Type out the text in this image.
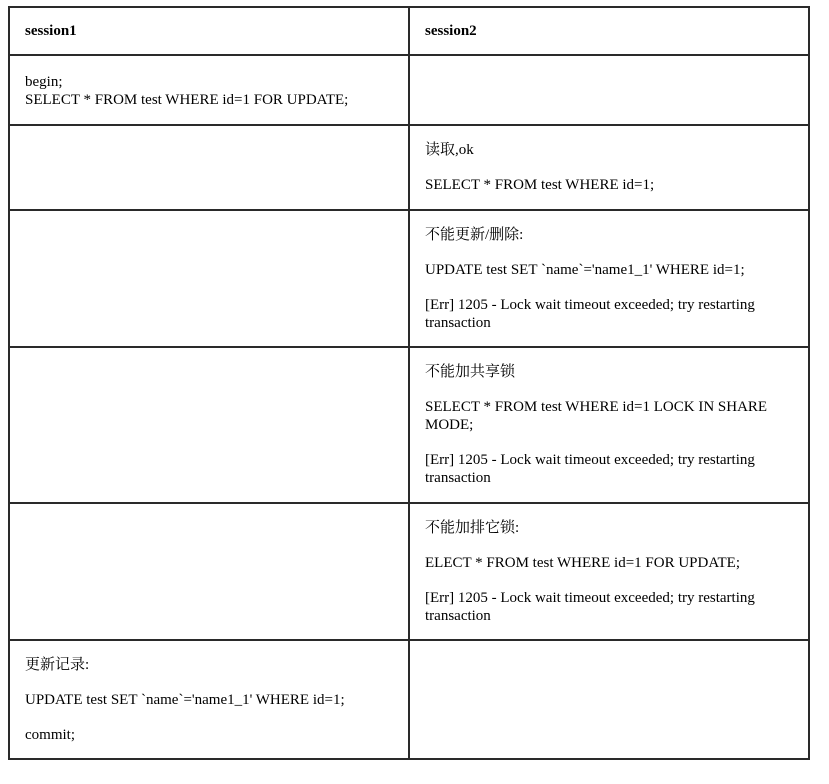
session1	session2

begin;
SELECT * FROM test WHERE id=1 FOR UPDATE;	

	读取,ok

SELECT * FROM test WHERE id=1;

	不能更新/删除:

UPDATE test SET `name`='name1_1' WHERE id=1;

[Err] 1205 - Lock wait timeout exceeded; try restarting transaction

	不能加共享锁

SELECT * FROM test WHERE id=1 LOCK IN SHARE MODE;

[Err] 1205 - Lock wait timeout exceeded; try restarting transaction

	不能加排它锁:

ELECT * FROM test WHERE id=1 FOR UPDATE;

[Err] 1205 - Lock wait timeout exceeded; try restarting transaction

更新记录:

UPDATE test SET `name`='name1_1' WHERE id=1;

commit;	
